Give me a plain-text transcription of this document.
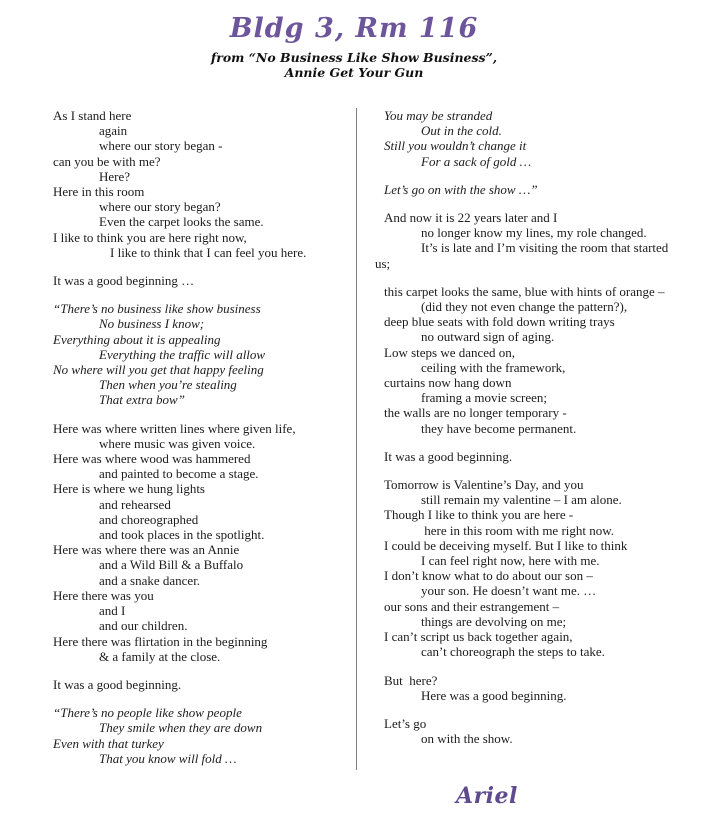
Bldg 3, Rm 116
from “No Business Like Show Business”,
Annie Get Your Gun
As I stand here
again
where our story began -
can you be with me?
Here?
Here in this room
where our story began?
Even the carpet looks the same.
I like to think you are here right now,
I like to think that I can feel you here.
It was a good beginning …
“There’s no business like show business
No business I know;
Everything about it is appealing
Everything the traffic will allow
No where will you get that happy feeling
Then when you’re stealing
That extra bow”
Here was where written lines where given life,
where music was given voice.
Here was where wood was hammered
and painted to become a stage.
Here is where we hung lights
and rehearsed
and choreographed
and took places in the spotlight.
Here was where there was an Annie
and a Wild Bill & a Buffalo
and a snake dancer.
Here there was you
and I
and our children.
Here there was flirtation in the beginning
& a family at the close.
It was a good beginning.
“There’s no people like show people
They smile when they are down
Even with that turkey
That you know will fold …
You may be stranded
Out in the cold.
Still you wouldn’t change it
For a sack of gold …
Let’s go on with the show …”
And now it is 22 years later and I
no longer know my lines, my role changed.
It’s is late and I’m visiting the room that started
us;
this carpet looks the same, blue with hints of orange –
(did they not even change the pattern?),
deep blue seats with fold down writing trays
no outward sign of aging.
Low steps we danced on,
ceiling with the framework,
curtains now hang down
framing a movie screen;
the walls are no longer temporary -
they have become permanent.
It was a good beginning.
Tomorrow is Valentine’s Day, and you
still remain my valentine – I am alone.
Though I like to think you are here -
here in this room with me right now.
I could be deceiving myself. But I like to think
I can feel right now, here with me.
I don’t know what to do about our son –
your son. He doesn’t want me. …
our sons and their estrangement –
things are devolving on me;
I can’t script us back together again,
can’t choreograph the steps to take.
But  here?
Here was a good beginning.
Let’s go
on with the show.
Ariel
